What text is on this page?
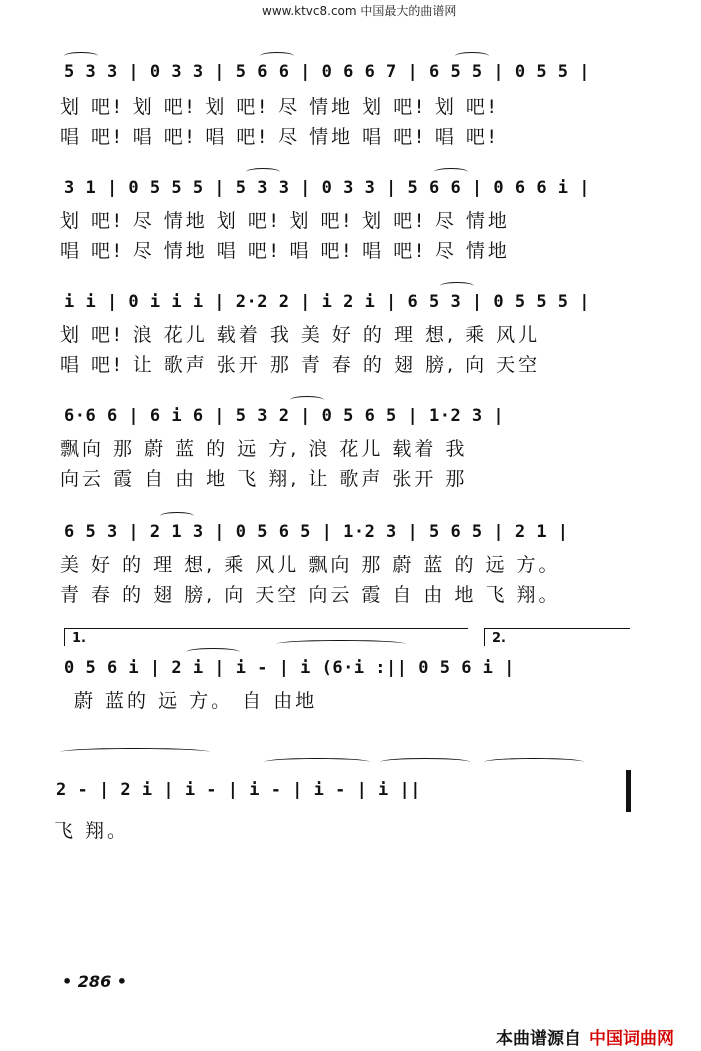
www.ktvc8.com 中国最大的曲谱网
5 3 3 | 0 3 3 | 5 6 6 | 0 6 6 7 | 6 5 5 | 0 5 5 |
划 吧! 划 吧! 划 吧! 尽 情地 划 吧! 划 吧!
唱 吧! 唱 吧! 唱 吧! 尽 情地 唱 吧! 唱 吧!
3 1 | 0 5 5 5 | 5 3 3 | 0 3 3 | 5 6 6 | 0 6 6 i |
划 吧! 尽 情地 划 吧! 划 吧! 划 吧! 尽 情地
唱 吧! 尽 情地 唱 吧! 唱 吧! 唱 吧! 尽 情地
i i | 0 i i i | 2·2 2 | i 2 i | 6 5 3 | 0 5 5 5 |
划 吧! 浪 花儿 载着 我 美 好 的 理 想, 乘 风儿
唱 吧! 让 歌声 张开 那 青 春 的 翅 膀, 向 天空
6·6 6 | 6 i 6 | 5 3 2 | 0 5 6 5 | 1·2 3 |
飘向 那 蔚 蓝 的 远 方, 浪 花儿 载着 我
向云 霞 自 由 地 飞 翔, 让 歌声 张开 那
6 5 3 | 2 1 3 | 0 5 6 5 | 1·2 3 | 5 6 5 | 2 1 |
美 好 的 理 想, 乘 风儿 飘向 那 蔚 蓝 的 远 方。
青 春 的 翅 膀, 向 天空 向云 霞 自 由 地 飞 翔。
1.	2.
0 5 6 i | 2 i | i - | i (6·i :|| 0 5 6 i |
蔚 蓝的 远 方。 自 由地
2 - | 2 i | i - | i - | i - | i ||
飞 翔。
• 286 •
本曲谱源自 中国词曲网
